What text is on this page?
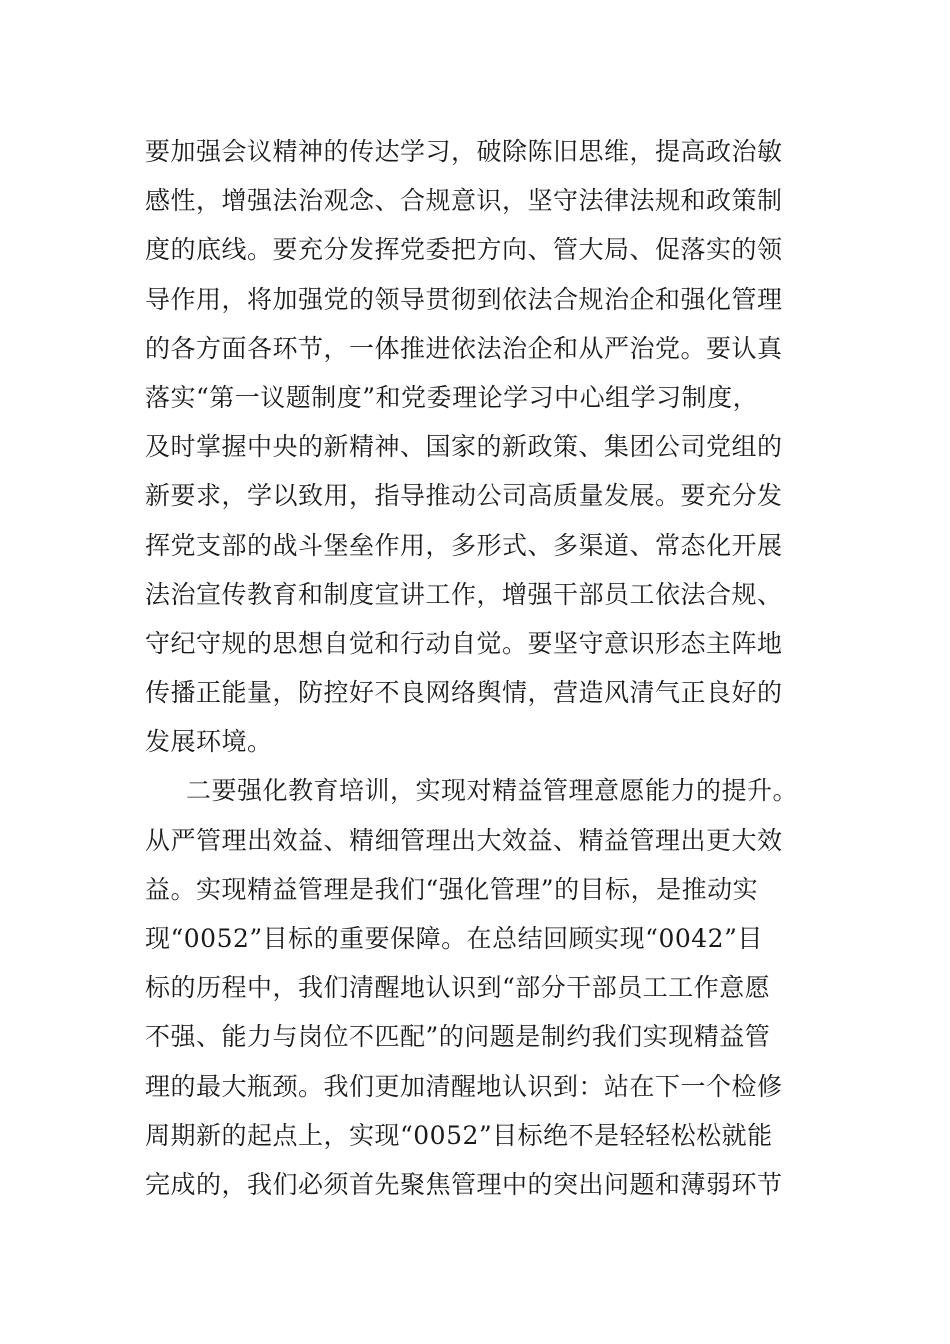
要加强会议精神的传达学习，破除陈旧思维，提高政治敏
感性，增强法治观念、合规意识，坚守法律法规和政策制
度的底线。要充分发挥党委把方向、管大局、促落实的领
导作用，将加强党的领导贯彻到依法合规治企和强化管理
的各方面各环节，一体推进依法治企和从严治党。要认真
落实“第一议题制度”和党委理论学习中心组学习制度，
及时掌握中央的新精神、国家的新政策、集团公司党组的
新要求，学以致用，指导推动公司高质量发展。要充分发
挥党支部的战斗堡垒作用，多形式、多渠道、常态化开展
法治宣传教育和制度宣讲工作，增强干部员工依法合规、
守纪守规的思想自觉和行动自觉。要坚守意识形态主阵地
传播正能量，防控好不良网络舆情，营造风清气正良好的
发展环境。
二要强化教育培训，实现对精益管理意愿能力的提升。
从严管理出效益、精细管理出大效益、精益管理出更大效
益。实现精益管理是我们“强化管理”的目标，是推动实
现“0052”目标的重要保障。在总结回顾实现“0042”目
标的历程中，我们清醒地认识到“部分干部员工工作意愿
不强、能力与岗位不匹配”的问题是制约我们实现精益管
理的最大瓶颈。我们更加清醒地认识到：站在下一个检修
周期新的起点上，实现“0052”目标绝不是轻轻松松就能
完成的，我们必须首先聚焦管理中的突出问题和薄弱环节
